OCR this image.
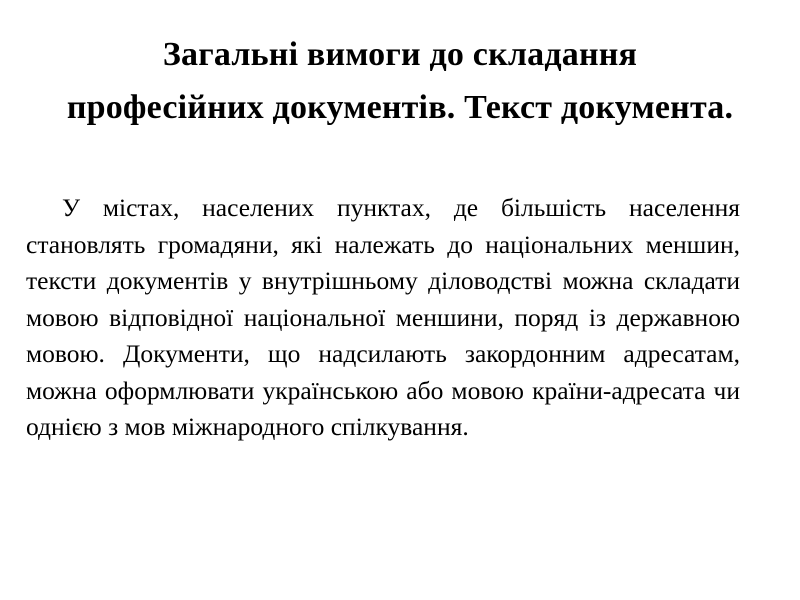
Загальні вимоги до складання професійних документів. Текст документа.

У містах, населених пунктах, де більшість населення становлять громадяни, які належать до національних меншин, тексти документів у внутрішньому діловодстві можна складати мовою відповідної національної меншини, поряд із державною мовою. Документи, що надсилають закордонним адресатам, можна оформлювати українською або мовою країни-адресата чи однією з мов міжнародного спілкування.
